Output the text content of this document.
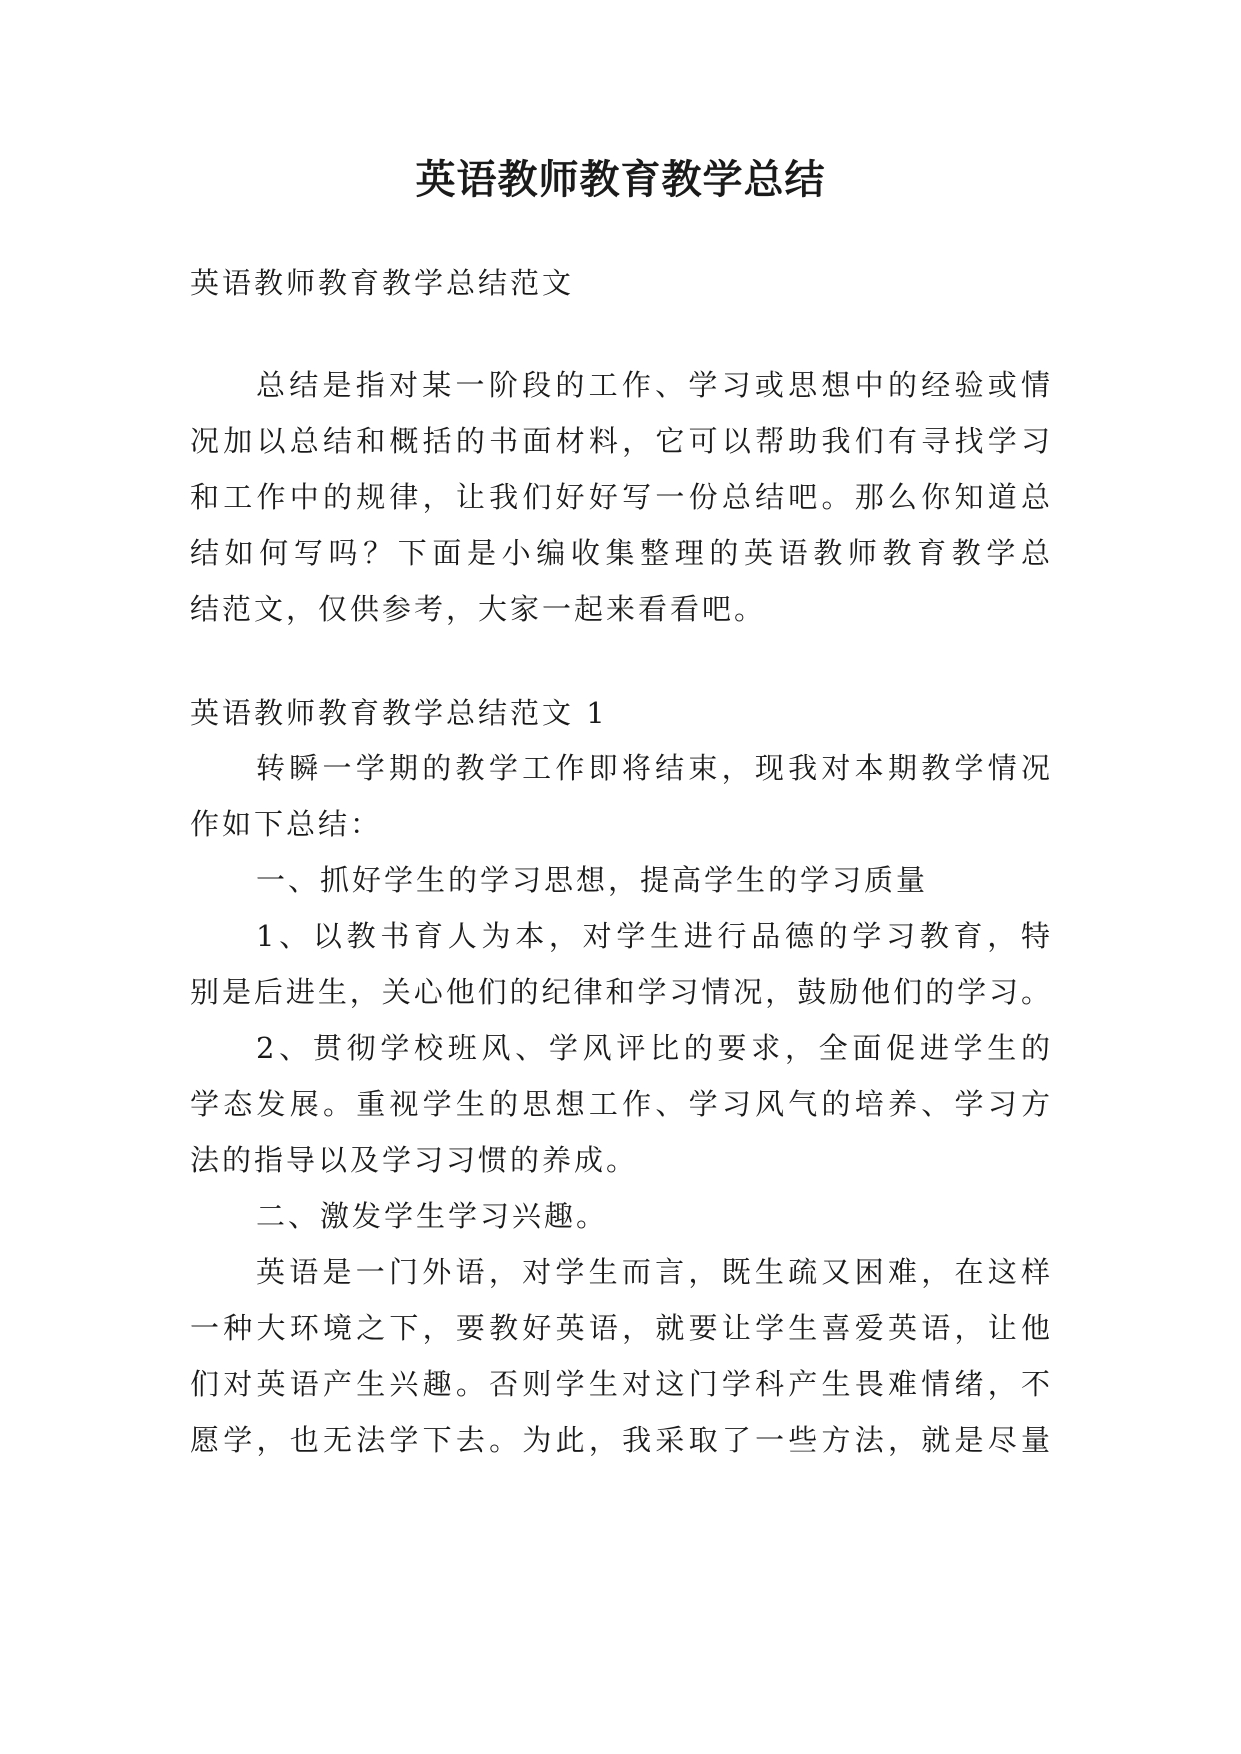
英语教师教育教学总结
英语教师教育教学总结范文
总结是指对某一阶段的工作、学习或思想中的经验或情
况加以总结和概括的书面材料，它可以帮助我们有寻找学习
和工作中的规律，让我们好好写一份总结吧。那么你知道总
结如何写吗？下面是小编收集整理的英语教师教育教学总
结范文，仅供参考，大家一起来看看吧。
英语教师教育教学总结范文 1
转瞬一学期的教学工作即将结束，现我对本期教学情况
作如下总结：
一、抓好学生的学习思想，提高学生的学习质量
1、以教书育人为本，对学生进行品德的学习教育，特
别是后进生，关心他们的纪律和学习情况，鼓励他们的学习。
2、贯彻学校班风、学风评比的要求，全面促进学生的
学态发展。重视学生的思想工作、学习风气的培养、学习方
法的指导以及学习习惯的养成。
二、激发学生学习兴趣。
英语是一门外语，对学生而言，既生疏又困难，在这样
一种大环境之下，要教好英语，就要让学生喜爱英语，让他
们对英语产生兴趣。否则学生对这门学科产生畏难情绪，不
愿学，也无法学下去。为此，我采取了一些方法，就是尽量
